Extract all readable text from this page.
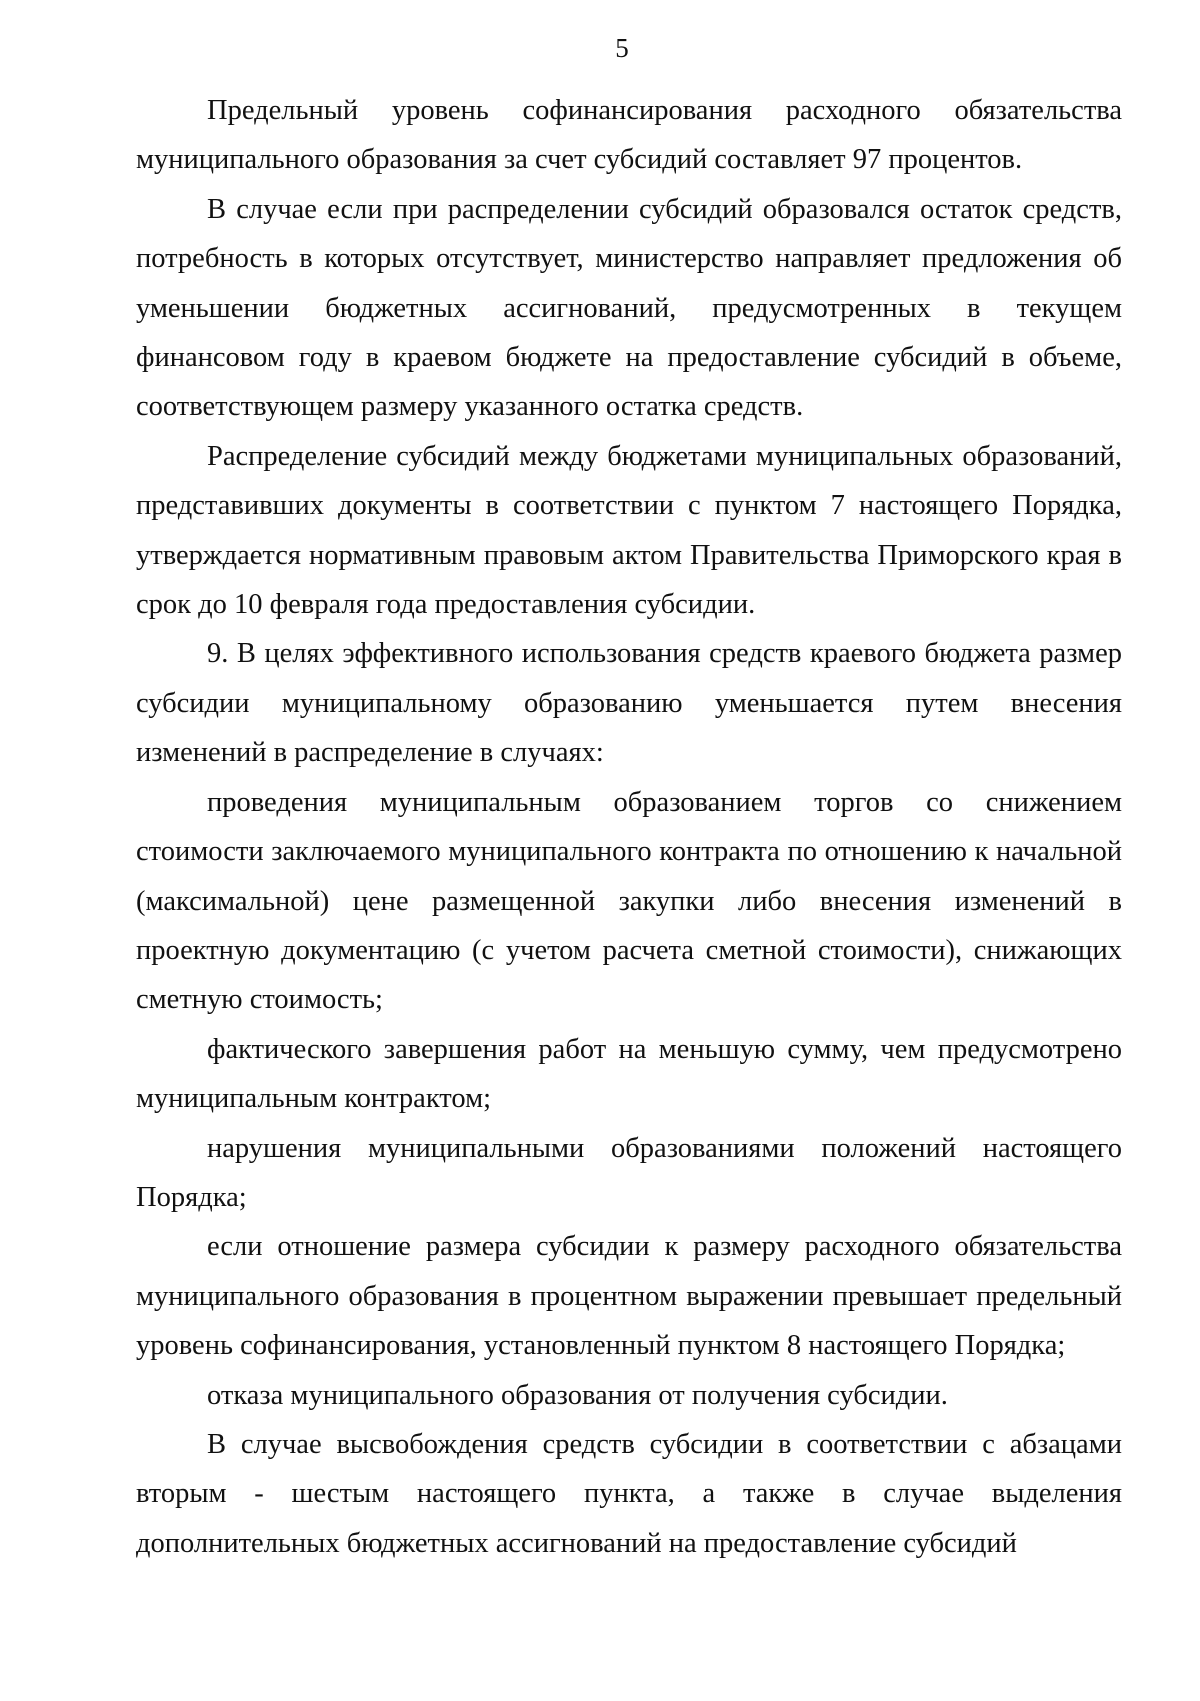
5

Предельный уровень софинансирования расходного обязательства муниципального образования за счет субсидий составляет 97 процентов.

В случае если при распределении субсидий образовался остаток средств, потребность в которых отсутствует, министерство направляет предложения об уменьшении бюджетных ассигнований, предусмотренных в текущем финансовом году в краевом бюджете на предоставление субсидий в объеме, соответствующем размеру указанного остатка средств.

Распределение субсидий между бюджетами муниципальных образований, представивших документы в соответствии с пунктом 7 настоящего Порядка, утверждается нормативным правовым актом Правительства Приморского края в срок до 10 февраля года предоставления субсидии.

9. В целях эффективного использования средств краевого бюджета размер субсидии муниципальному образованию уменьшается путем внесения изменений в распределение в случаях:

проведения муниципальным образованием торгов со снижением стоимости заключаемого муниципального контракта по отношению к начальной (максимальной) цене размещенной закупки либо внесения изменений в проектную документацию (с учетом расчета сметной стоимости), снижающих сметную стоимость;

фактического завершения работ на меньшую сумму, чем предусмотрено муниципальным контрактом;

нарушения муниципальными образованиями положений настоящего Порядка;

если отношение размера субсидии к размеру расходного обязательства муниципального образования в процентном выражении превышает предельный уровень софинансирования, установленный пунктом 8 настоящего Порядка;

отказа муниципального образования от получения субсидии.

В случае высвобождения средств субсидии в соответствии с абзацами вторым - шестым настоящего пункта, а также в случае выделения дополнительных бюджетных ассигнований на предоставление субсидий
